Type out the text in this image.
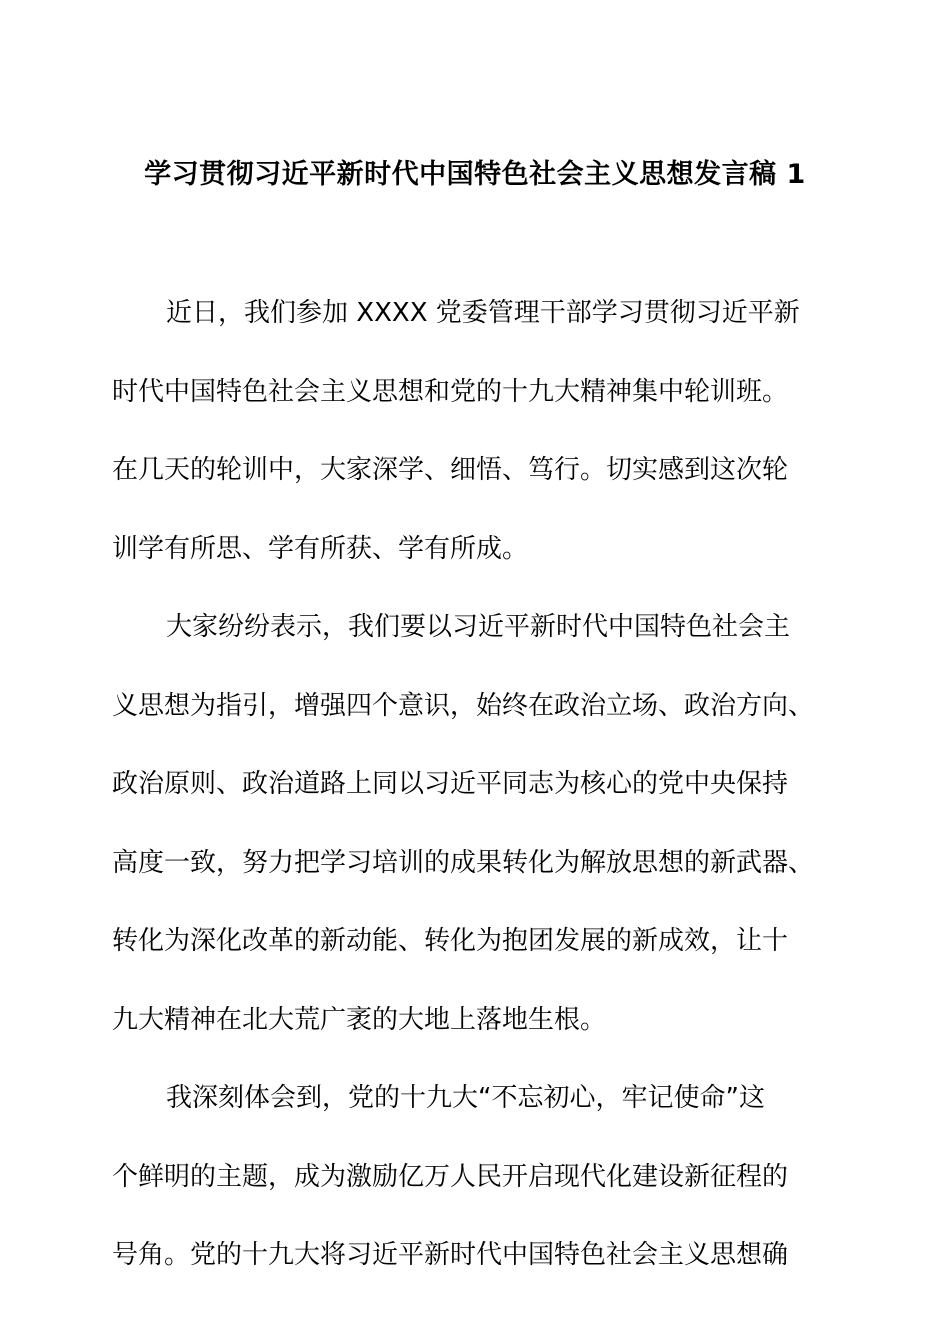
学习贯彻习近平新时代中国特色社会主义思想发言稿 1

近日，我们参加 XXXX 党委管理干部学习贯彻习近平新
时代中国特色社会主义思想和党的十九大精神集中轮训班。
在几天的轮训中，大家深学、细悟、笃行。切实感到这次轮
训学有所思、学有所获、学有所成。

大家纷纷表示，我们要以习近平新时代中国特色社会主
义思想为指引，增强四个意识，始终在政治立场、政治方向、
政治原则、政治道路上同以习近平同志为核心的党中央保持
高度一致，努力把学习培训的成果转化为解放思想的新武器、
转化为深化改革的新动能、转化为抱团发展的新成效，让十
九大精神在北大荒广袤的大地上落地生根。

我深刻体会到，党的十九大“不忘初心，牢记使命”这
个鲜明的主题，成为激励亿万人民开启现代化建设新征程的
号角。党的十九大将习近平新时代中国特色社会主义思想确
